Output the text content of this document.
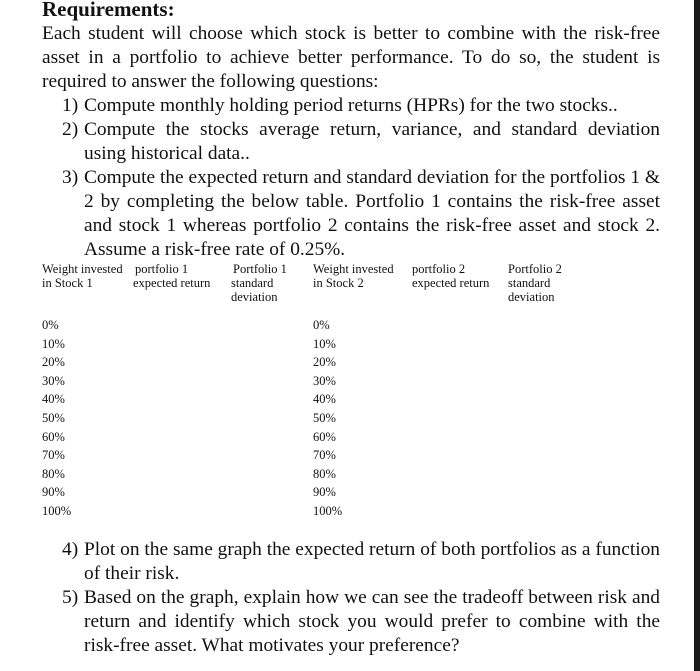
Requirements:
Each student will choose which stock is better to combine with the risk-free asset in a portfolio to achieve better performance. To do so, the student is required to answer the following questions:
1) Compute monthly holding period returns (HPRs) for the two stocks..
2) Compute the stocks average return, variance, and standard deviation using historical data..
3) Compute the expected return and standard deviation for the portfolios 1 & 2 by completing the below table. Portfolio 1 contains the risk-free asset and stock 1 whereas portfolio 2 contains the risk-free asset and stock 2. Assume a risk-free rate of 0.25%.
Weight invested
in Stock 1
portfolio 1
expected return
Portfolio 1
standard
deviation
Weight invested
in Stock 2
portfolio 2
expected return
Portfolio 2
standard
deviation
0%
10%
20%
30%
40%
50%
60%
70%
80%
90%
100%
0%
10%
20%
30%
40%
50%
60%
70%
80%
90%
100%
4) Plot on the same graph the expected return of both portfolios as a function of their risk.
5) Based on the graph, explain how we can see the tradeoff between risk and return and identify which stock you would prefer to combine with the risk-free asset. What motivates your preference?
